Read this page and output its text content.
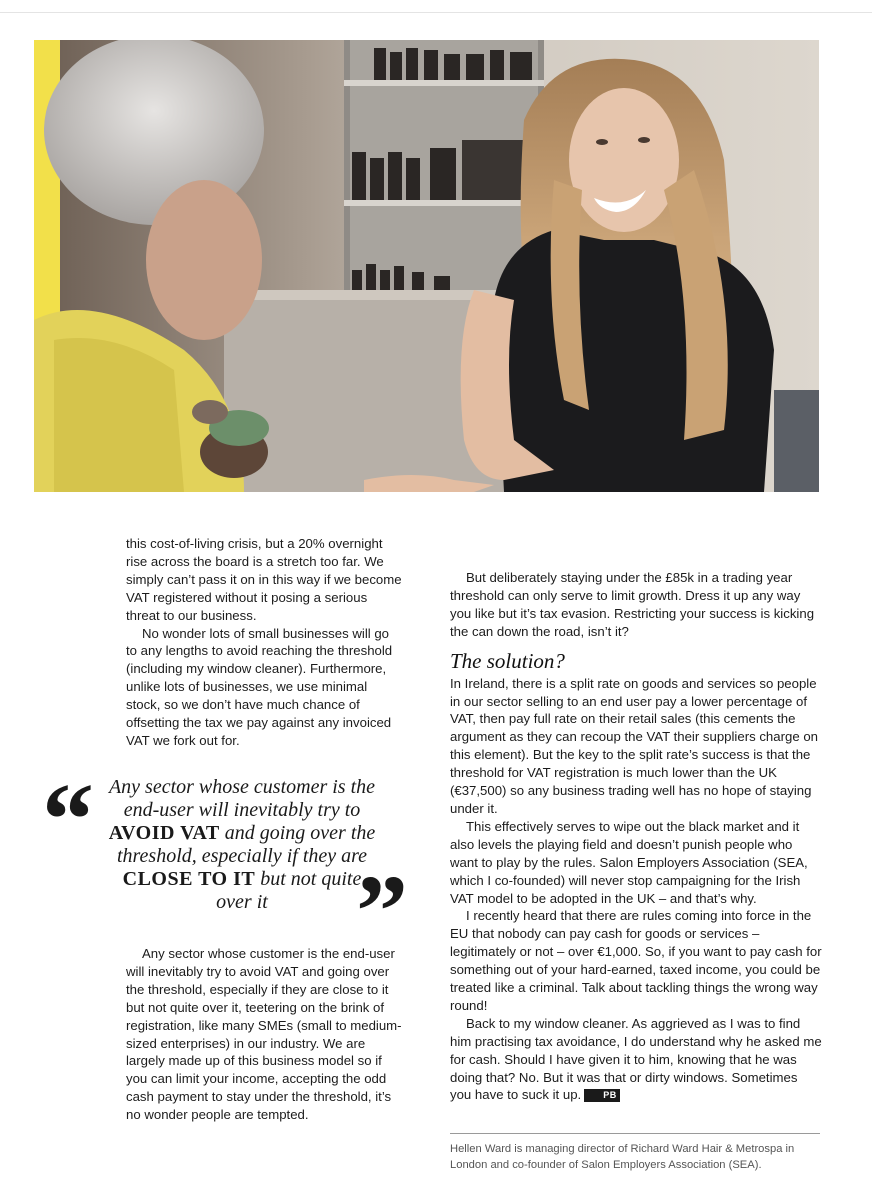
this cost-of-living crisis, but a 20% overnight rise across the board is a stretch too far. We simply can’t pass it on in this way if we become VAT registered without it posing a serious threat to our business.

No wonder lots of small businesses will go to any lengths to avoid reaching the threshold (including my window cleaner). Furthermore, unlike lots of businesses, we use minimal stock, so we don’t have much chance of offsetting the tax we pay against any invoiced VAT we fork out for.

“ Any sector whose customer is the end-user will inevitably try to AVOID VAT and going over the threshold, especially if they are CLOSE TO IT but not quite over it ”

Any sector whose customer is the end-user will inevitably try to avoid VAT and going over the threshold, especially if they are close to it but not quite over it, teetering on the brink of registration, like many SMEs (small to medium-sized enterprises) in our industry. We are largely made up of this business model so if you can limit your income, accepting the odd cash payment to stay under the threshold, it’s no wonder people are tempted.

But deliberately staying under the £85k in a trading year threshold can only serve to limit growth. Dress it up any way you like but it’s tax evasion. Restricting your success is kicking the can down the road, isn’t it?

The solution?

In Ireland, there is a split rate on goods and services so people in our sector selling to an end user pay a lower percentage of VAT, then pay full rate on their retail sales (this cements the argument as they can recoup the VAT their suppliers charge on this element). But the key to the split rate’s success is that the threshold for VAT registration is much lower than the UK (€37,500) so any business trading well has no hope of staying under it.

This effectively serves to wipe out the black market and it also levels the playing field and doesn’t punish people who want to play by the rules. Salon Employers Association (SEA, which I co-founded) will never stop campaigning for the Irish VAT model to be adopted in the UK – and that’s why.

I recently heard that there are rules coming into force in the EU that nobody can pay cash for goods or services – legitimately or not – over €1,000. So, if you want to pay cash for something out of your hard-earned, taxed income, you could be treated like a criminal. Talk about tackling things the wrong way round!

Back to my window cleaner. As aggrieved as I was to find him practising tax avoidance, I do understand why he asked me for cash. Should I have given it to him, knowing that he was doing that? No. But it was that or dirty windows. Sometimes you have to suck it up. PB

Hellen Ward is managing director of Richard Ward Hair & Metrospa in London and co-founder of Salon Employers Association (SEA).
